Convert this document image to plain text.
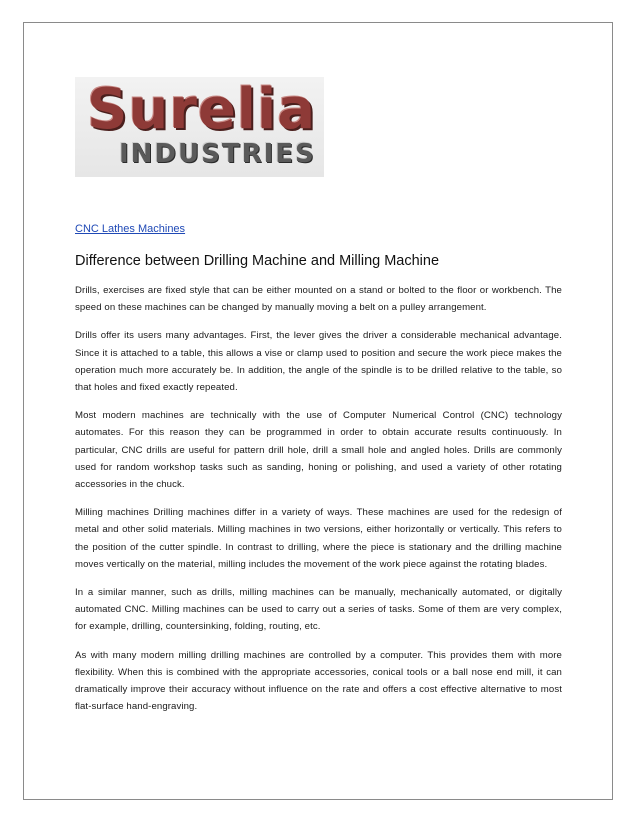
Surelia
INDUSTRIES
CNC Lathes Machines
Difference between Drilling Machine and Milling Machine

Drills, exercises are fixed style that can be either mounted on a stand or bolted to the floor or workbench. The speed on these machines can be changed by manually moving a belt on a pulley arrangement.

Drills offer its users many advantages. First, the lever gives the driver a considerable mechanical advantage. Since it is attached to a table, this allows a vise or clamp used to position and secure the work piece makes the operation much more accurately be. In addition, the angle of the spindle is to be drilled relative to the table, so that holes and fixed exactly repeated.

Most modern machines are technically with the use of Computer Numerical Control (CNC) technology automates. For this reason they can be programmed in order to obtain accurate results continuously. In particular, CNC drills are useful for pattern drill hole, drill a small hole and angled holes. Drills are commonly used for random workshop tasks such as sanding, honing or polishing, and used a variety of other rotating accessories in the chuck.

Milling machines Drilling machines differ in a variety of ways. These machines are used for the redesign of metal and other solid materials. Milling machines in two versions, either horizontally or vertically. This refers to the position of the cutter spindle. In contrast to drilling, where the piece is stationary and the drilling machine moves vertically on the material, milling includes the movement of the work piece against the rotating blades.

In a similar manner, such as drills, milling machines can be manually, mechanically automated, or digitally automated CNC. Milling machines can be used to carry out a series of tasks. Some of them are very complex, for example, drilling, countersinking, folding, routing, etc.

As with many modern milling drilling machines are controlled by a computer. This provides them with more flexibility. When this is combined with the appropriate accessories, conical tools or a ball nose end mill, it can dramatically improve their accuracy without influence on the rate and offers a cost effective alternative to most flat-surface hand-engraving.
